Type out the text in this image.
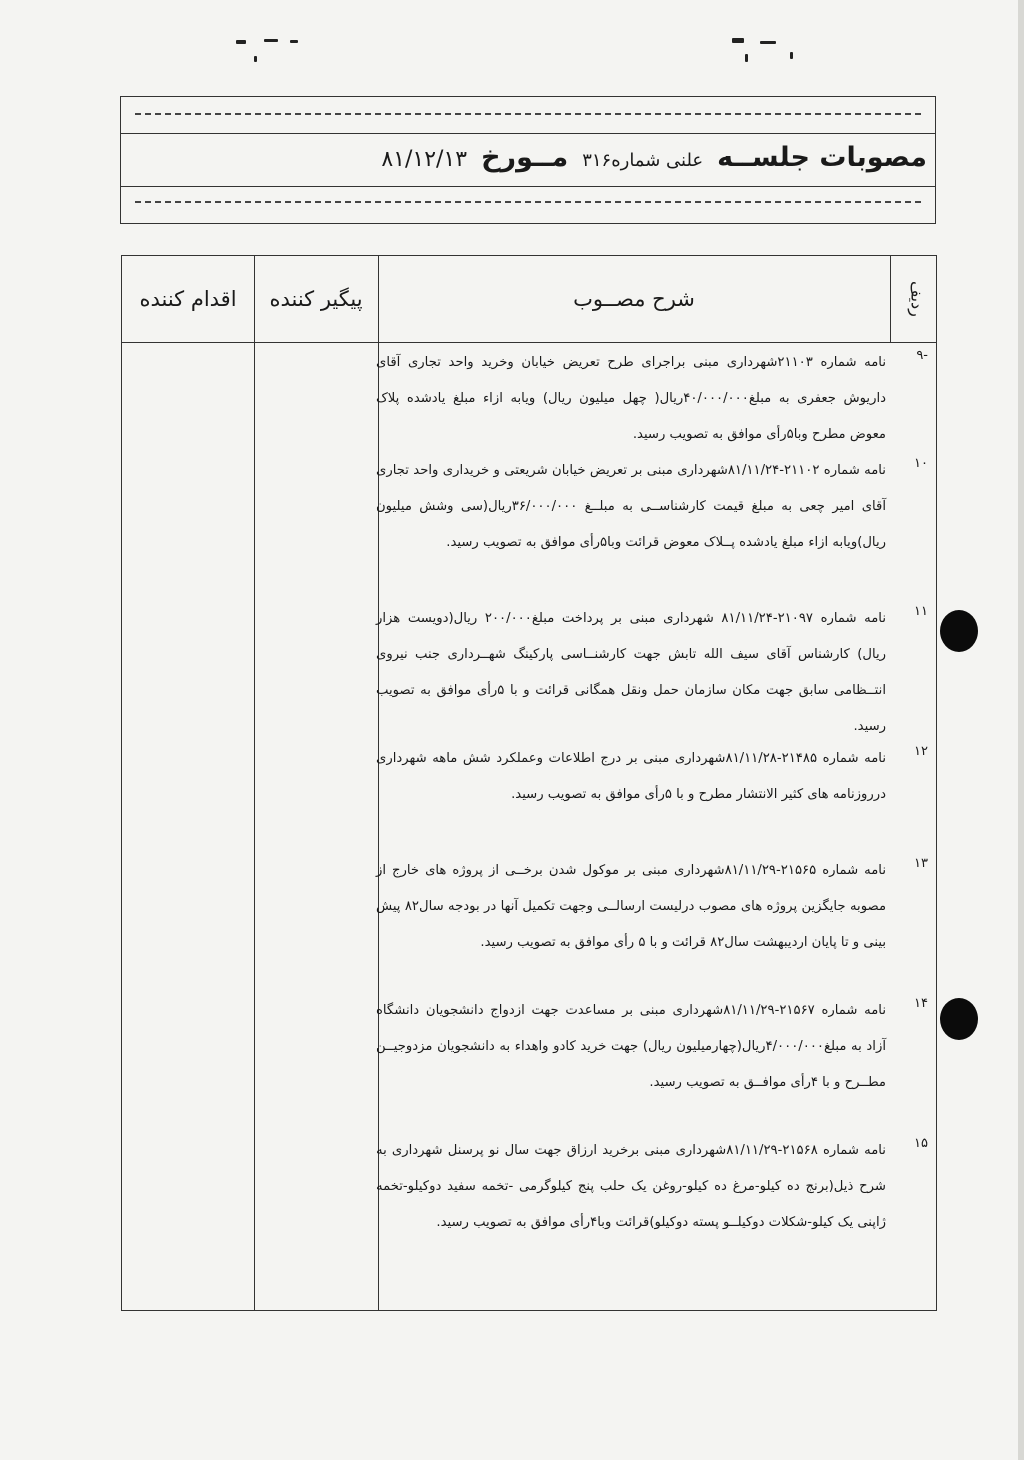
مصوبات جلســه
علنی شماره۳۱۶
مــورخ
۸۱/۱۲/۱۳
اقدام کننده	پیگیر کننده	شرح مصــوب	ردیف
-۹
نامه شماره ۲۱۱۰۳شهرداری مبنی براجرای طرح تعریض خیابان وخرید واحد تجاری آقای داریوش جعفری به مبلغ۴۰/۰۰۰/۰۰۰ریال( چهل میلیون ریال) ویابه ازاء مبلغ یادشده پلاک معوض مطرح وبا۵رأی موافق به تصویب رسید.
۱۰
نامه شماره ۲۱۱۰۲-۸۱/۱۱/۲۴شهرداری مبنی بر تعریض خیابان شریعتی و خریداری واحد تجاری آقای امیر چعی به مبلغ قیمت کارشناســی به مبلــغ ۳۶/۰۰۰/۰۰۰ریال(سی وشش میلیون ریال)ویابه ازاء مبلغ یادشده پــلاک معوض قرائت وبا۵رأی موافق به تصویب رسید.
۱۱
نامه شماره ۲۱۰۹۷-۸۱/۱۱/۲۴ شهرداری مبنی بر پرداخت مبلغ۲۰۰/۰۰۰ ریال(دویست هزار ریال) کارشناس آقای سیف الله تابش جهت کارشنــاسی پارکینگ شهــرداری جنب نیروی انتــظامی سابق جهت مکان سازمان حمل ونقل همگانی قرائت و با ۵رأی موافق به تصویب رسید.
۱۲
نامه شماره ۲۱۴۸۵-۸۱/۱۱/۲۸شهرداری مبنی بر درج اطلاعات وعملکرد شش ماهه شهرداری درروزنامه های کثیر الانتشار مطرح و با ۵رأی موافق به تصویب رسید.
۱۳
نامه شماره ۲۱۵۶۵-۸۱/۱۱/۲۹شهرداری مبنی بر موکول شدن برخــی از پروژه های خارج از مصوبه جایگزین پروژه های مصوب درلیست ارسالــی وجهت تکمیل آنها در بودجه سال۸۲ پیش بینی و تا پایان اردیبهشت سال۸۲ قرائت و با ۵ رأی موافق به تصویب رسید.
۱۴
نامه شماره ۲۱۵۶۷-۸۱/۱۱/۲۹شهرداری مبنی بر مساعدت جهت ازدواج دانشجویان دانشگاه آزاد به مبلغ۴/۰۰۰/۰۰۰ریال(چهارمیلیون ریال) جهت خرید کادو واهداء به دانشجویان مزدوجیــن مطــرح و با ۴رأی موافــق به تصویب رسید.
۱۵
نامه شماره ۲۱۵۶۸-۸۱/۱۱/۲۹شهرداری مبنی برخرید ارزاق جهت سال نو پرسنل شهرداری به شرح ذیل(برنج ده کیلو-مرغ ده کیلو-روغن یک حلب پنج کیلوگرمی -تخمه سفید دوکیلو-تخمه ژاپنی یک کیلو-شکلات دوکیلــو پسته دوکیلو)قرائت وبا۴رأی موافق به تصویب رسید.
